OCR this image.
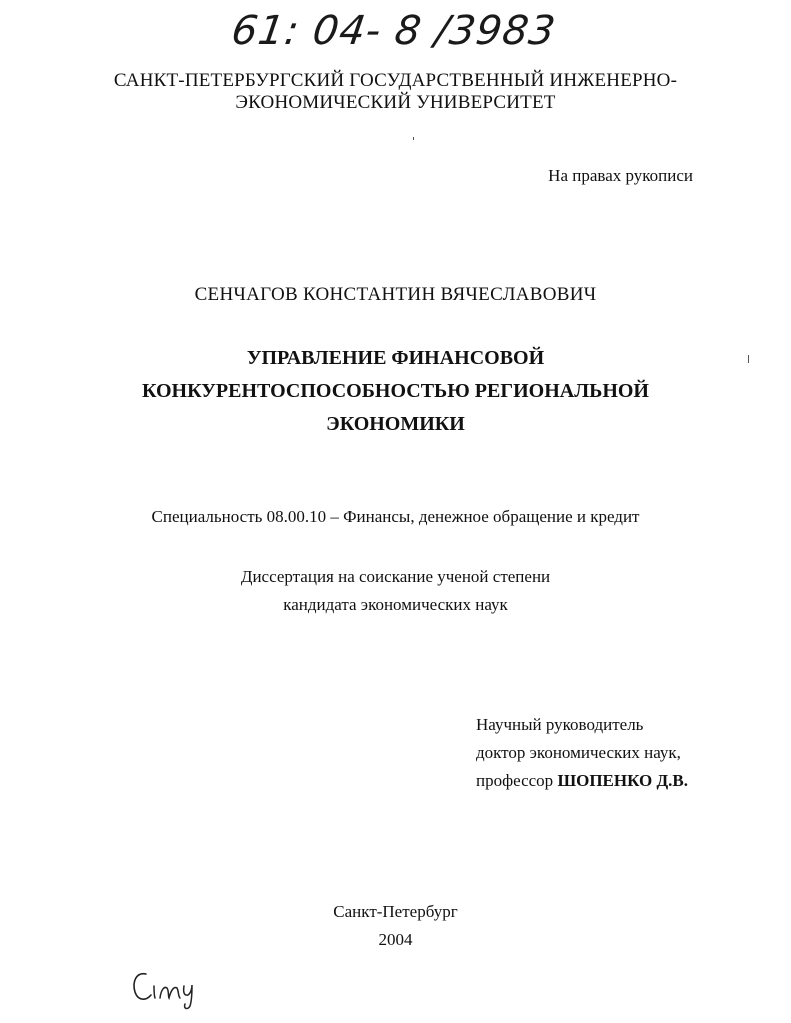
61: 04- 8 /3983
САНКТ-ПЕТЕРБУРГСКИЙ ГОСУДАРСТВЕННЫЙ ИНЖЕНЕРНО-
ЭКОНОМИЧЕСКИЙ УНИВЕРСИТЕТ
На правах рукописи
СЕНЧАГОВ КОНСТАНТИН ВЯЧЕСЛАВОВИЧ
УПРАВЛЕНИЕ ФИНАНСОВОЙ
КОНКУРЕНТОСПОСОБНОСТЬЮ РЕГИОНАЛЬНОЙ
ЭКОНОМИКИ
Специальность 08.00.10 – Финансы, денежное обращение и кредит
Диссертация на соискание ученой степени
кандидата экономических наук
Научный руководитель
доктор экономических наук,
профессор ШОПЕНКО Д.В.
Санкт-Петербург
2004
